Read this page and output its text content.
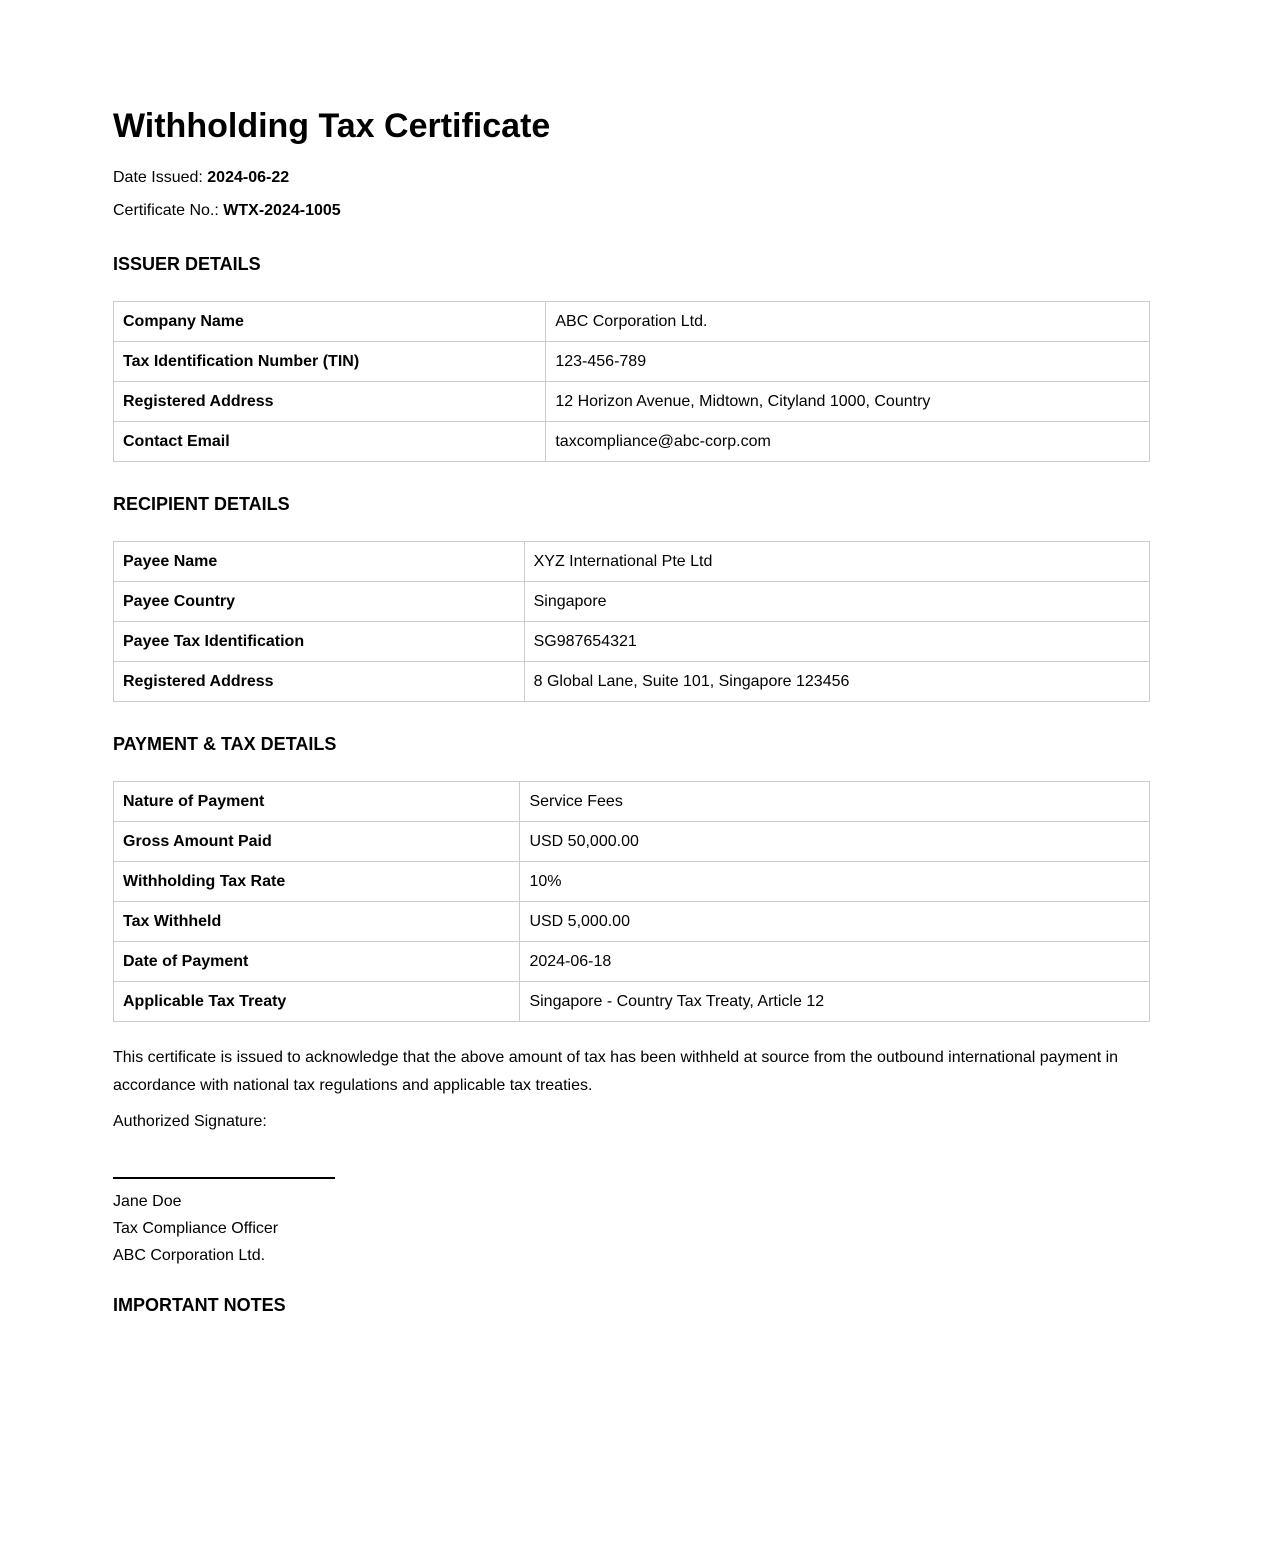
Withholding Tax Certificate

Date Issued: 2024-06-22

Certificate No.: WTX-2024-1005

ISSUER DETAILS
Company Name	ABC Corporation Ltd.
Tax Identification Number (TIN)	123-456-789
Registered Address	12 Horizon Avenue, Midtown, Cityland 1000, Country
Contact Email	taxcompliance@abc-corp.com
RECIPIENT DETAILS
Payee Name	XYZ International Pte Ltd
Payee Country	Singapore
Payee Tax Identification	SG987654321
Registered Address	8 Global Lane, Suite 101, Singapore 123456
PAYMENT & TAX DETAILS
Nature of Payment	Service Fees
Gross Amount Paid	USD 50,000.00
Withholding Tax Rate	10%
Tax Withheld	USD 5,000.00
Date of Payment	2024-06-18
Applicable Tax Treaty	Singapore - Country Tax Treaty, Article 12

This certificate is issued to acknowledge that the above amount of tax has been withheld at source from the outbound international payment in accordance with national tax regulations and applicable tax treaties.

Authorized Signature:

Jane Doe
Tax Compliance Officer
ABC Corporation Ltd.
IMPORTANT NOTES
